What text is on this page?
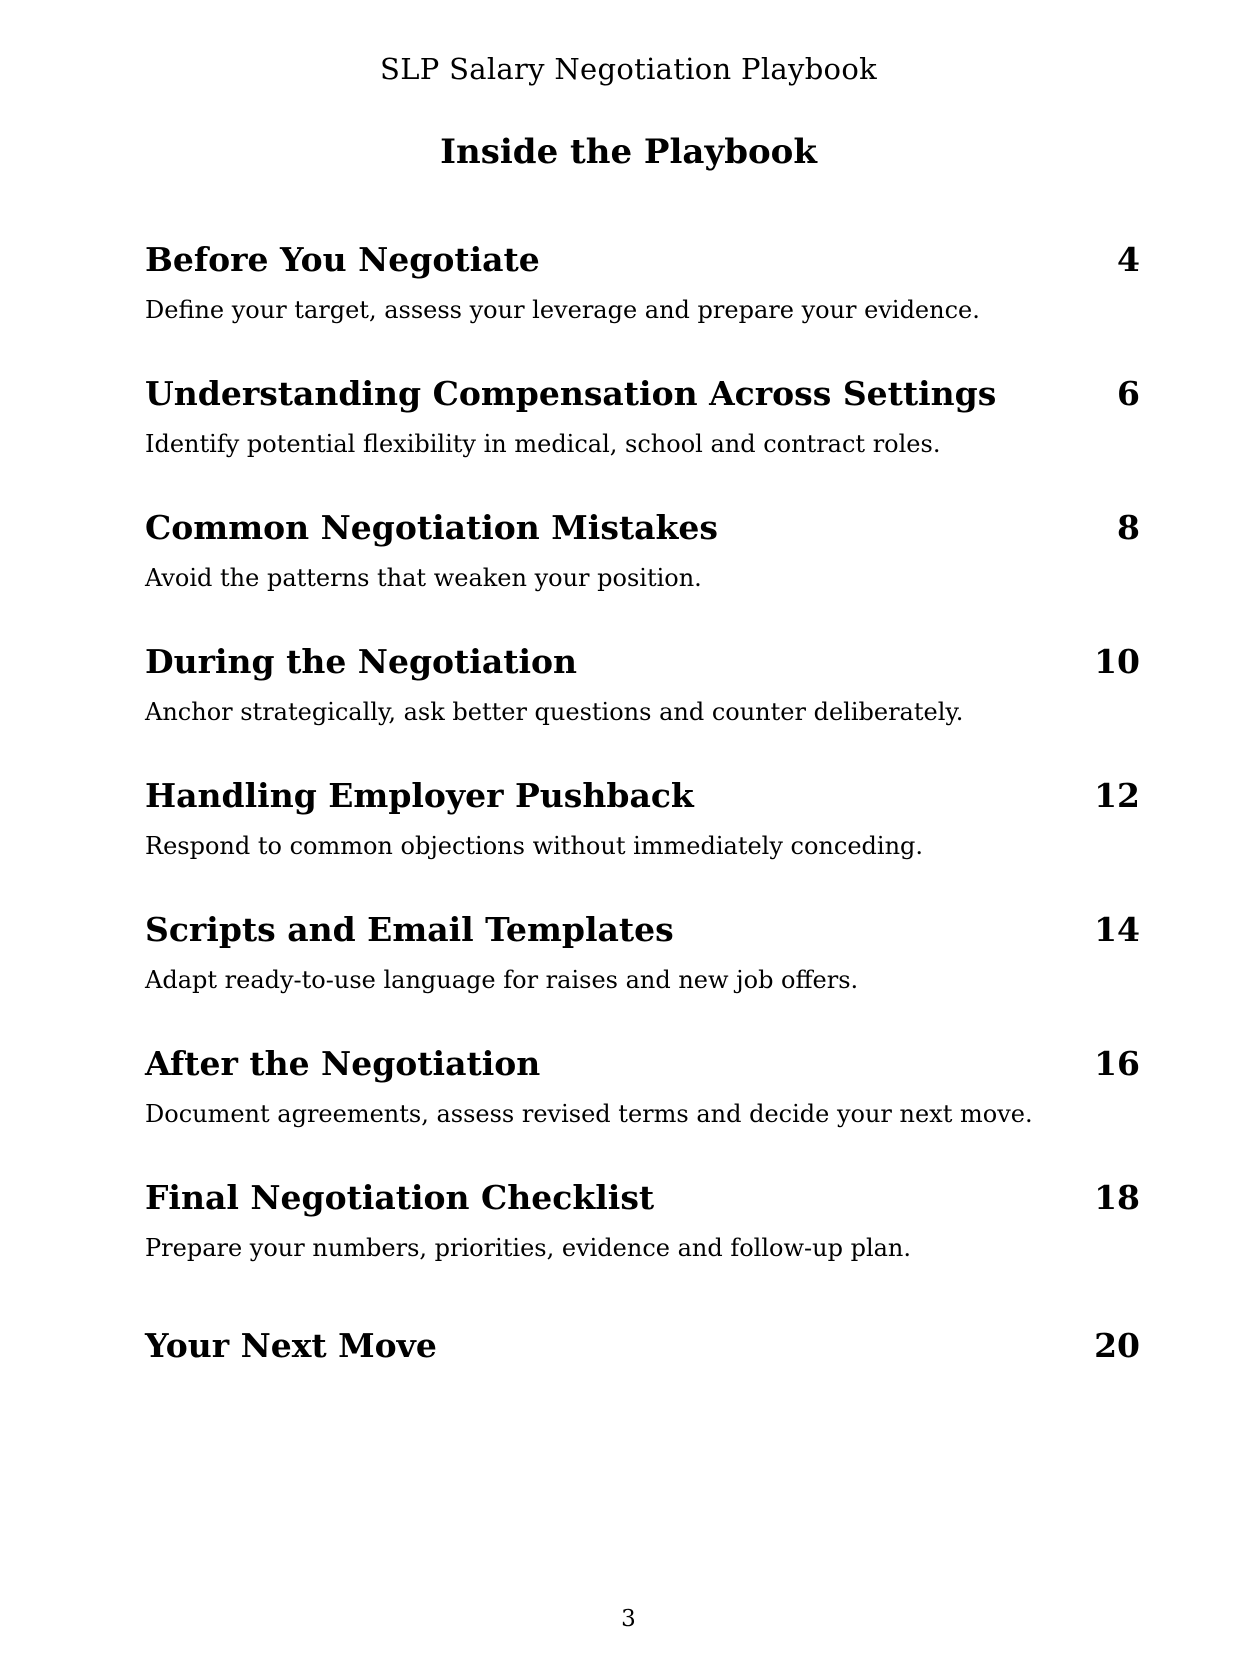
SLP Salary Negotiation Playbook
Inside the Playbook
Before You Negotiate	4
Define your target, assess your leverage and prepare your evidence.
Understanding Compensation Across Settings	6
Identify potential flexibility in medical, school and contract roles.
Common Negotiation Mistakes	8
Avoid the patterns that weaken your position.
During the Negotiation	10
Anchor strategically, ask better questions and counter deliberately.
Handling Employer Pushback	12
Respond to common objections without immediately conceding.
Scripts and Email Templates	14
Adapt ready-to-use language for raises and new job offers.
After the Negotiation	16
Document agreements, assess revised terms and decide your next move.
Final Negotiation Checklist	18
Prepare your numbers, priorities, evidence and follow-up plan.
Your Next Move	20
3
